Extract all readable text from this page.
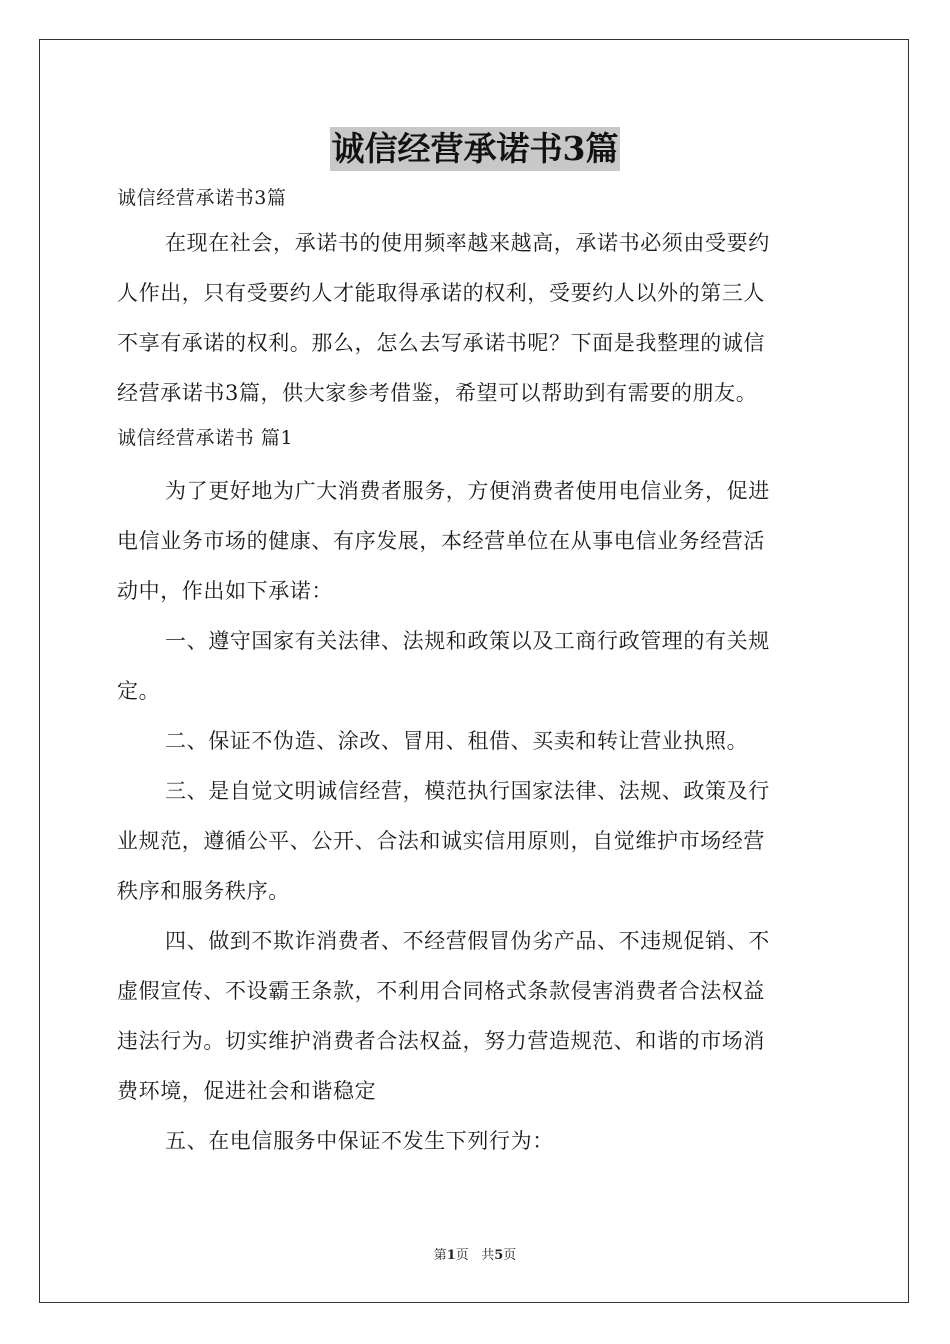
诚信经营承诺书3篇
诚信经营承诺书3篇
在现在社会，承诺书的使用频率越来越高，承诺书必须由受要约
人作出，只有受要约人才能取得承诺的权利，受要约人以外的第三人
不享有承诺的权利。那么，怎么去写承诺书呢？下面是我整理的诚信
经营承诺书3篇，供大家参考借鉴，希望可以帮助到有需要的朋友。
诚信经营承诺书 篇1
为了更好地为广大消费者服务，方便消费者使用电信业务，促进
电信业务市场的健康、有序发展，本经营单位在从事电信业务经营活
动中，作出如下承诺：
一、遵守国家有关法律、法规和政策以及工商行政管理的有关规
定。
二、保证不伪造、涂改、冒用、租借、买卖和转让营业执照。
三、是自觉文明诚信经营，模范执行国家法律、法规、政策及行
业规范，遵循公平、公开、合法和诚实信用原则，自觉维护市场经营
秩序和服务秩序。
四、做到不欺诈消费者、不经营假冒伪劣产品、不违规促销、不
虚假宣传、不设霸王条款，不利用合同格式条款侵害消费者合法权益
违法行为。切实维护消费者合法权益，努力营造规范、和谐的市场消
费环境，促进社会和谐稳定
五、在电信服务中保证不发生下列行为：
第1页 共5页
